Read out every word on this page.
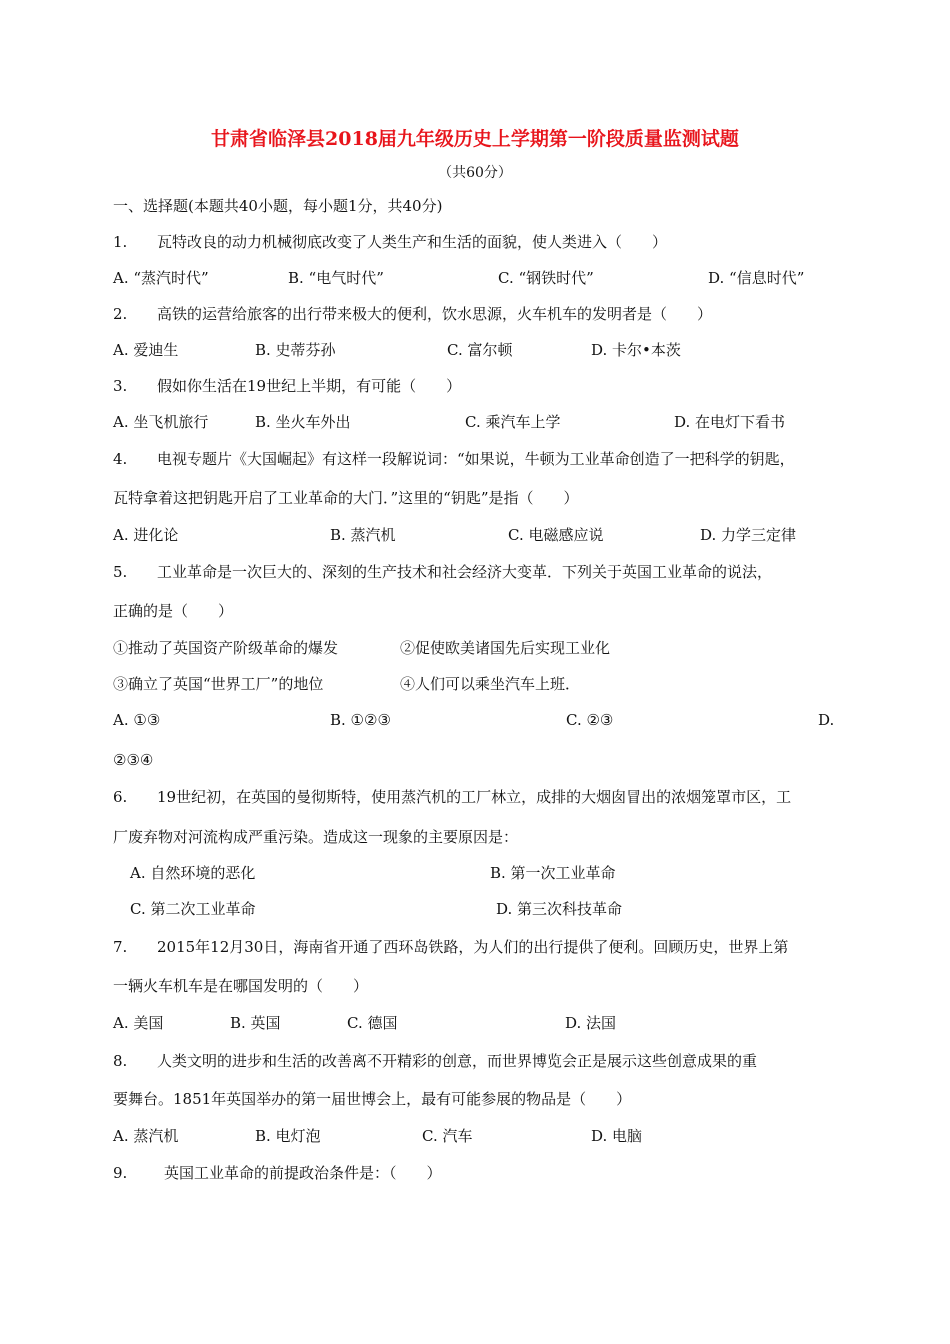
甘肃省临泽县2018届九年级历史上学期第一阶段质量监测试题
（共60分）
一、选择题(本题共40小题，每小题1分，共40分)
1. 瓦特改良的动力机械彻底改变了人类生产和生活的面貌，使人类进入（　　）
A. “蒸汽时代”	B. “电气时代”	C. “钢铁时代”	D. “信息时代”
2. 高铁的运营给旅客的出行带来极大的便利，饮水思源，火车机车的发明者是（　　）
A. 爱迪生	B. 史蒂芬孙	C. 富尔顿	D. 卡尔•本茨
3. 假如你生活在19世纪上半期，有可能（　　）
A. 坐飞机旅行	B. 坐火车外出	C. 乘汽车上学	D. 在电灯下看书
4. 电视专题片《大国崛起》有这样一段解说词：“如果说，牛顿为工业革命创造了一把科学的钥匙，
瓦特拿着这把钥匙开启了工业革命的大门．”这里的“钥匙”是指（　　）
A. 进化论	B. 蒸汽机	C. 电磁感应说	D. 力学三定律
5. 工业革命是一次巨大的、深刻的生产技术和社会经济大变革．下列关于英国工业革命的说法，
正确的是（　　）
①推动了英国资产阶级革命的爆发	②促使欧美诸国先后实现工业化
③确立了英国“世界工厂”的地位	④人们可以乘坐汽车上班．
A. ①③	B. ①②③	C. ②③	D.
②③④
6. 19世纪初，在英国的曼彻斯特，使用蒸汽机的工厂林立，成排的大烟囱冒出的浓烟笼罩市区，工
厂废弃物对河流构成严重污染。造成这一现象的主要原因是：
A. 自然环境的恶化	B. 第一次工业革命
C. 第二次工业革命	D. 第三次科技革命
7. 2015年12月30日，海南省开通了西环岛铁路，为人们的出行提供了便利。回顾历史，世界上第
一辆火车机车是在哪国发明的（　　）
A. 美国	B. 英国	C. 德国	D. 法国
8. 人类文明的进步和生活的改善离不开精彩的创意，而世界博览会正是展示这些创意成果的重
要舞台。1851年英国举办的第一届世博会上，最有可能参展的物品是（　　）
A. 蒸汽机	B. 电灯泡	C. 汽车	D. 电脑
9. 英国工业革命的前提政治条件是：（　　）
